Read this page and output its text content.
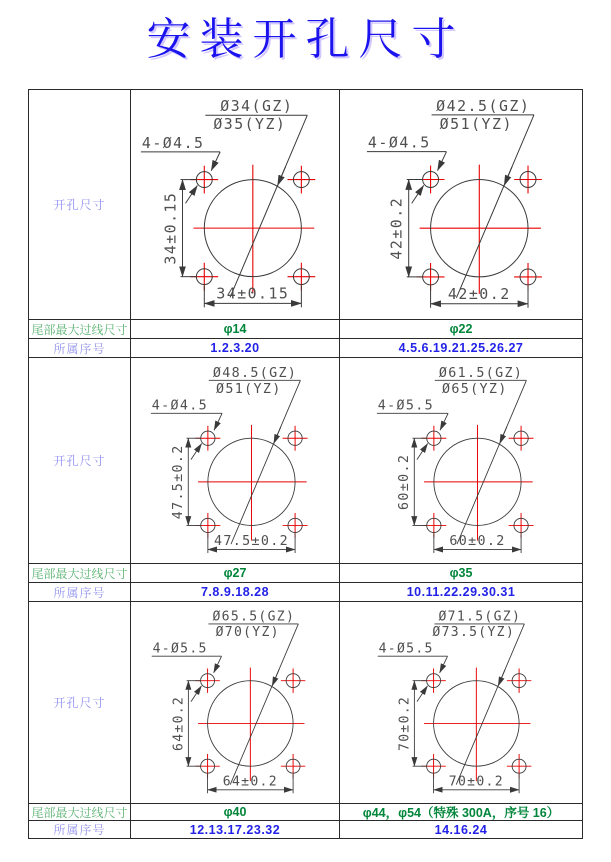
安装开孔尺寸
开孔尺寸
Ø34(GZ)
Ø35(YZ)
4-Ø4.5
34±0.15
34±0.15
Ø42.5(GZ)
Ø51(YZ)
4-Ø4.5
42±0.2
42±0.2
尾部最大过线尺寸	φ14	φ22
所属序号	1.2.3.20	4.5.6.19.21.25.26.27
开孔尺寸
Ø48.5(GZ)
Ø51(YZ)
4-Ø4.5
47.5±0.2
47.5±0.2
Ø61.5(GZ)
Ø65(YZ)
4-Ø5.5
60±0.2
60±0.2
尾部最大过线尺寸	φ27	φ35
所属序号	7.8.9.18.28	10.11.22.29.30.31
开孔尺寸
Ø65.5(GZ)
Ø70(YZ)
4-Ø5.5
64±0.2
64±0.2
Ø71.5(GZ)
Ø73.5(YZ)
4-Ø5.5
70±0.2
70±0.2
尾部最大过线尺寸	φ40	φ44，φ54（特殊 300A，序号 16）
所属序号	12.13.17.23.32	14.16.24
